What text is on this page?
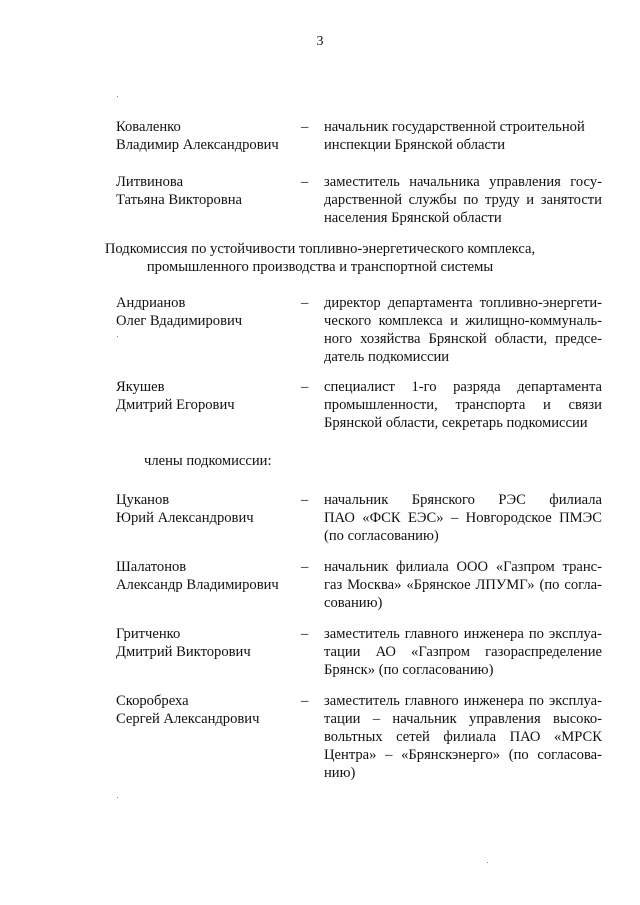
3
Коваленко
Владимир Александрович
– начальник государственной строительной
инспекции Брянской области
Литвинова
Татьяна Викторовна
– заместитель начальника управления госу-
дарственной службы по труду и занятости
населения Брянской области
Подкомиссия по устойчивости топливно-энергетического комплекса,
промышленного производства и транспортной системы
Андрианов
Олег Вдадимирович
– директор департамента топливно-энергети-
ческого комплекса и жилищно-коммуналь-
ного хозяйства Брянской области, предсе-
датель подкомиссии
Якушев
Дмитрий Егорович
– специалист 1-го разряда департамента
промышленности, транспорта и связи
Брянской области, секретарь подкомиссии
члены подкомиссии:
Цуканов
Юрий Александрович
– начальник Брянского РЭС филиала
ПАО «ФСК ЕЭС» – Новгородское ПМЭС
(по согласованию)
Шалатонов
Александр Владимирович
– начальник филиала ООО «Газпром транс-
газ Москва» «Брянское ЛПУМГ» (по согла-
сованию)
Гритченко
Дмитрий Викторович
– заместитель главного инженера по эксплуа-
тации АО «Газпром газораспределение
Брянск» (по согласованию)
Скоробреха
Сергей Александрович
– заместитель главного инженера по эксплуа-
тации – начальник управления высоко-
вольтных сетей филиала ПАО «МРСК
Центра» – «Брянскэнерго» (по согласова-
нию)
